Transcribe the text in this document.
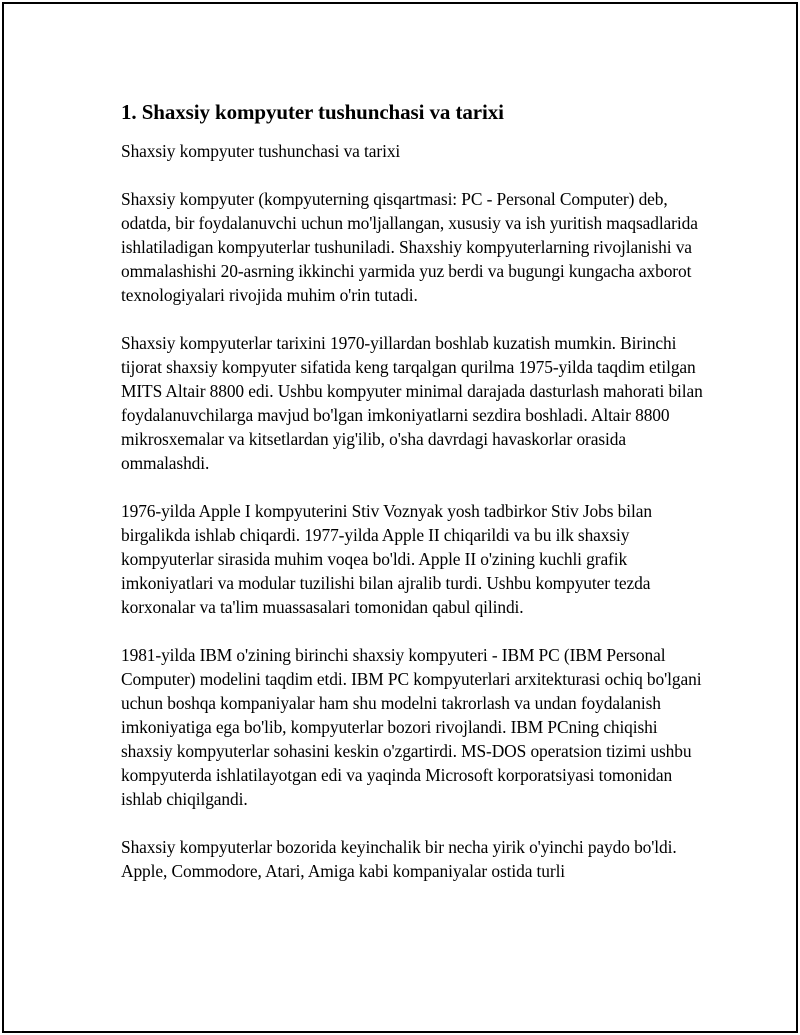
1. Shaxsiy kompyuter tushunchasi va tarixi

Shaxsiy kompyuter tushunchasi va tarixi

Shaxsiy kompyuter (kompyuterning qisqartmasi: PC - Personal Computer) deb, odatda, bir foydalanuvchi uchun mo'ljallangan, xususiy va ish yuritish maqsadlarida ishlatiladigan kompyuterlar tushuniladi. Shaxshiy kompyuterlarning rivojlanishi va ommalashishi 20-asrning ikkinchi yarmida yuz berdi va bugungi kungacha axborot texnologiyalari rivojida muhim o'rin tutadi.

Shaxsiy kompyuterlar tarixini 1970-yillardan boshlab kuzatish mumkin. Birinchi tijorat shaxsiy kompyuter sifatida keng tarqalgan qurilma 1975-yilda taqdim etilgan MITS Altair 8800 edi. Ushbu kompyuter minimal darajada dasturlash mahorati bilan foydalanuvchilarga mavjud bo'lgan imkoniyatlarni sezdira boshladi. Altair 8800 mikrosxemalar va kitsetlardan yig'ilib, o'sha davrdagi havaskorlar orasida ommalashdi.

1976-yilda Apple I kompyuterini Stiv Voznyak yosh tadbirkor Stiv Jobs bilan birgalikda ishlab chiqardi. 1977-yilda Apple II chiqarildi va bu ilk shaxsiy kompyuterlar sirasida muhim voqea bo'ldi. Apple II o'zining kuchli grafik imkoniyatlari va modular tuzilishi bilan ajralib turdi. Ushbu kompyuter tezda korxonalar va ta'lim muassasalari tomonidan qabul qilindi.

1981-yilda IBM o'zining birinchi shaxsiy kompyuteri - IBM PC (IBM Personal Computer) modelini taqdim etdi. IBM PC kompyuterlari arxitekturasi ochiq bo'lgani uchun boshqa kompaniyalar ham shu modelni takrorlash va undan foydalanish imkoniyatiga ega bo'lib, kompyuterlar bozori rivojlandi. IBM PCning chiqishi shaxsiy kompyuterlar sohasini keskin o'zgartirdi. MS-DOS operatsion tizimi ushbu kompyuterda ishlatilayotgan edi va yaqinda Microsoft korporatsiyasi tomonidan ishlab chiqilgandi.

Shaxsiy kompyuterlar bozorida keyinchalik bir necha yirik o'yinchi paydo bo'ldi. Apple, Commodore, Atari, Amiga kabi kompaniyalar ostida turli
